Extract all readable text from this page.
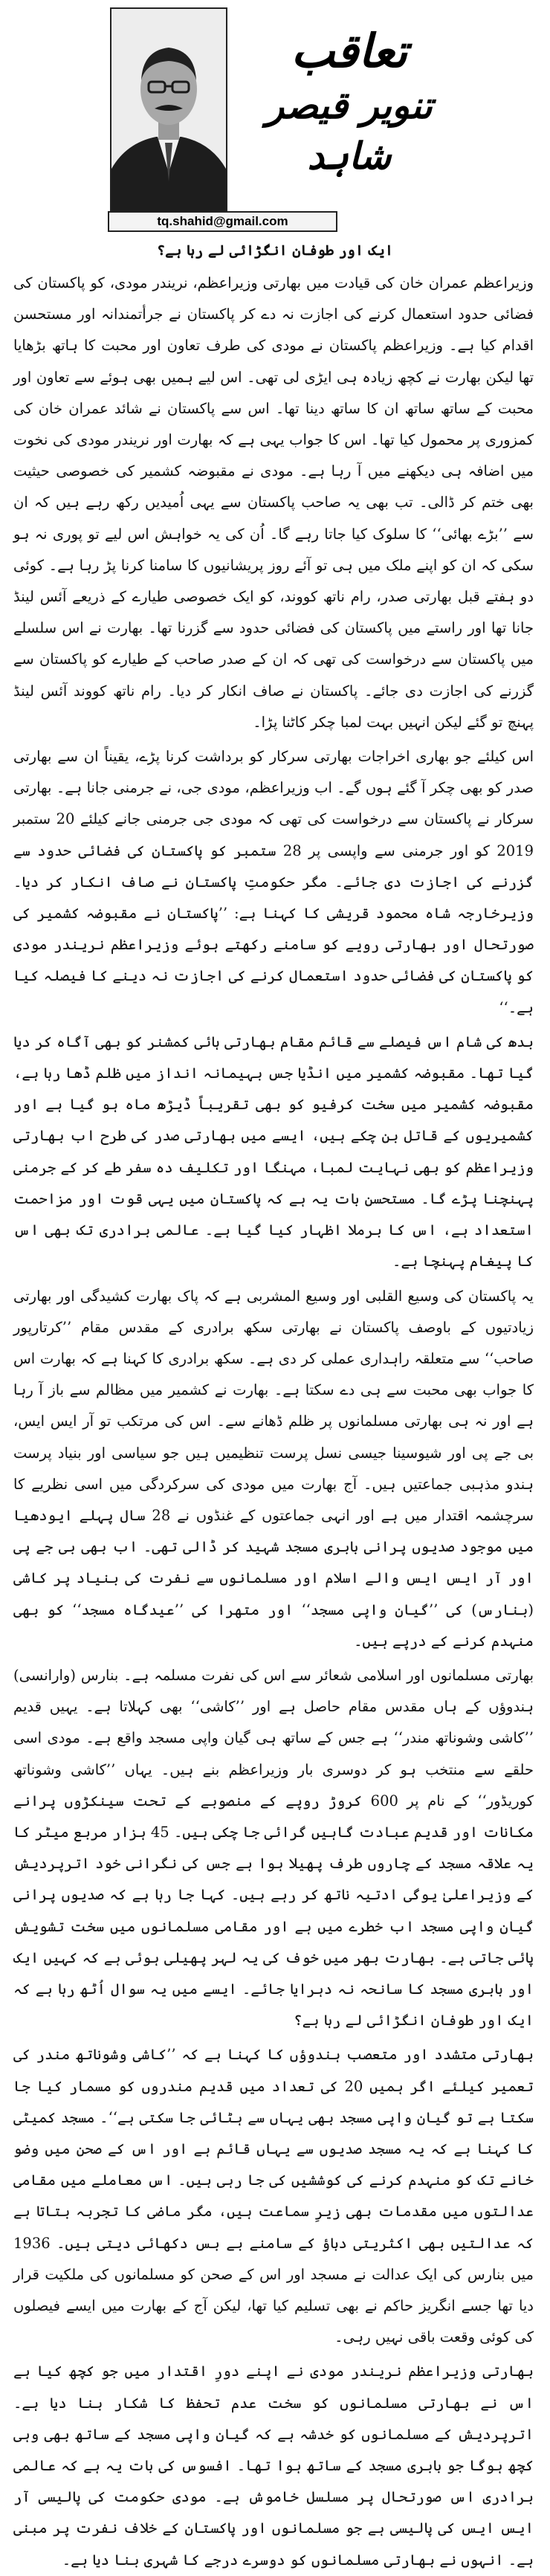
تعاقب
تنویر قیصر شاہد
tq.shahid@gmail.com
ایک اور طوفان انگڑائی لے رہا ہے؟

وزیراعظم عمران خان کی قیادت میں بھارتی وزیراعظم، نریندر مودی، کو پاکستان کی فضائی حدود استعمال کرنے کی اجازت نہ دے کر پاکستان نے جرأتمندانہ اور مستحسن اقدام کیا ہے۔ وزیراعظم پاکستان نے مودی کی طرف تعاون اور محبت کا ہاتھ بڑھایا تھا لیکن بھارت نے کچھ زیادہ ہی ایڑی لی تھی۔ اس لیے ہمیں بھی ہوئے سے تعاون اور محبت کے ساتھ ساتھ ان کا ساتھ دینا تھا۔ اس سے پاکستان نے شائد عمران خان کی کمزوری پر محمول کیا تھا۔ اس کا جواب یہی ہے کہ بھارت اور نریندر مودی کی نخوت میں اضافہ ہی دیکھنے میں آ رہا ہے۔ مودی نے مقبوضہ کشمیر کی خصوصی حیثیت بھی ختم کر ڈالی۔ تب بھی یہ صاحب پاکستان سے یہی اُمیدیں رکھ رہے ہیں کہ ان سے ’’بڑے بھائی‘‘ کا سلوک کیا جاتا رہے گا۔ اُن کی یہ خواہش اس لیے تو پوری نہ ہو سکی کہ ان کو اپنے ملک میں ہی تو آئے روز پریشانیوں کا سامنا کرنا پڑ رہا ہے۔ کوئی دو ہفتے قبل بھارتی صدر، رام ناتھ کووند، کو ایک خصوصی طیارے کے ذریعے آئس لینڈ جانا تھا اور راستے میں پاکستان کی فضائی حدود سے گزرنا تھا۔ بھارت نے اس سلسلے میں پاکستان سے درخواست کی تھی کہ ان کے صدر صاحب کے طیارے کو پاکستان سے گزرنے کی اجازت دی جائے۔ پاکستان نے صاف انکار کر دیا۔ رام ناتھ کووند آئس لینڈ پہنچ تو گئے لیکن انہیں بہت لمبا چکر کاٹنا پڑا۔

اس کیلئے جو بھاری اخراجات بھارتی سرکار کو برداشت کرنا پڑے، یقیناً ان سے بھارتی صدر کو بھی چکر آ گئے ہوں گے۔ اب وزیراعظم، مودی جی، نے جرمنی جانا ہے۔ بھارتی سرکار نے پاکستان سے درخواست کی تھی کہ مودی جی جرمنی جانے کیلئے 20 ستمبر 2019 کو اور جرمنی سے واپسی پر 28 ستمبر کو پاکستان کی فضائی حدود سے گزرنے کی اجازت دی جائے۔ مگر حکومتِ پاکستان نے صاف انکار کر دیا۔ وزیرخارجہ شاہ محمود قریشی کا کہنا ہے: ’’پاکستان نے مقبوضہ کشمیر کی صورتحال اور بھارتی رویے کو سامنے رکھتے ہوئے وزیراعظم نریندر مودی کو پاکستان کی فضائی حدود استعمال کرنے کی اجازت نہ دینے کا فیصلہ کیا ہے۔‘‘

بدھ کی شام اس فیصلے سے قائم مقام بھارتی ہائی کمشنر کو بھی آگاہ کر دیا گیا تھا۔ مقبوضہ کشمیر میں انڈیا جس بہیمانہ انداز میں ظلم ڈھا رہا ہے، مقبوضہ کشمیر میں سخت کرفیو کو بھی تقریباً ڈیڑھ ماہ ہو گیا ہے اور کشمیریوں کے قاتل بن چکے ہیں، ایسے میں بھارتی صدر کی طرح اب بھارتی وزیراعظم کو بھی نہایت لمبا، مہنگا اور تکلیف دہ سفر طے کر کے جرمنی پہنچنا پڑے گا۔ مستحسن بات یہ ہے کہ پاکستان میں یہی قوت اور مزاحمت استعداد ہے، اس کا برملا اظہار کیا گیا ہے۔ عالمی برادری تک بھی اس کا پیغام پہنچا ہے۔

یہ پاکستان کی وسیع القلبی اور وسیع المشربی ہے کہ پاک بھارت کشیدگی اور بھارتی زیادتیوں کے باوصف پاکستان نے بھارتی سکھ برادری کے مقدس مقام ’’کرتارپور صاحب‘‘ سے متعلقہ راہداری عملی کر دی ہے۔ سکھ برادری کا کہنا ہے کہ بھارت اس کا جواب بھی محبت سے ہی دے سکتا ہے۔ بھارت نے کشمیر میں مظالم سے باز آ رہا ہے اور نہ ہی بھارتی مسلمانوں پر ظلم ڈھانے سے۔ اس کی مرتکب تو آر ایس ایس، بی جے پی اور شیوسینا جیسی نسل پرست تنظیمیں ہیں جو سیاسی اور بنیاد پرست ہندو مذہبی جماعتیں ہیں۔ آج بھارت میں مودی کی سرکردگی میں اسی نظریے کا سرچشمہ اقتدار میں ہے اور انہی جماعتوں کے غنڈوں نے 28 سال پہلے ایودھیا میں موجود صدیوں پرانی بابری مسجد شہید کر ڈالی تھی۔ اب بھی بی جے پی اور آر ایس ایس والے اسلام اور مسلمانوں سے نفرت کی بنیاد پر کاشی (بنارس) کی ’’گیان واپی مسجد‘‘ اور متھرا کی ’’عیدگاہ مسجد‘‘ کو بھی منہدم کرنے کے درپے ہیں۔

بھارتی مسلمانوں اور اسلامی شعائر سے اس کی نفرت مسلمہ ہے۔ بنارس (وارانسی) ہندوؤں کے ہاں مقدس مقام حاصل ہے اور ’’کاشی‘‘ بھی کہلاتا ہے۔ یہیں قدیم ’’کاشی وشوناتھ مندر‘‘ ہے جس کے ساتھ ہی گیان واپی مسجد واقع ہے۔ مودی اسی حلقے سے منتخب ہو کر دوسری بار وزیراعظم بنے ہیں۔ یہاں ’’کاشی وشوناتھ کوریڈور‘‘ کے نام پر 600 کروڑ روپے کے منصوبے کے تحت سینکڑوں پرانے مکانات اور قدیم عبادت گاہیں گرائی جا چکی ہیں۔ 45 ہزار مربع میٹر کا یہ علاقہ مسجد کے چاروں طرف پھیلا ہوا ہے جس کی نگرانی خود اترپردیش کے وزیراعلیٰ یوگی ادتیہ ناتھ کر رہے ہیں۔ کہا جا رہا ہے کہ صدیوں پرانی گیان واپی مسجد اب خطرے میں ہے اور مقامی مسلمانوں میں سخت تشویش پائی جاتی ہے۔ بھارت بھر میں خوف کی یہ لہر پھیلی ہوئی ہے کہ کہیں ایک اور بابری مسجد کا سانحہ نہ دہرایا جائے۔ ایسے میں یہ سوال اُٹھ رہا ہے کہ ایک اور طوفان انگڑائی لے رہا ہے؟

بھارتی متشدد اور متعصب ہندوؤں کا کہنا ہے کہ ’’کاشی وشوناتھ مندر کی تعمیر کیلئے اگر ہمیں 20 کی تعداد میں قدیم مندروں کو مسمار کیا جا سکتا ہے تو گیان واپی مسجد بھی یہاں سے ہٹائی جا سکتی ہے‘‘۔ مسجد کمیٹی کا کہنا ہے کہ یہ مسجد صدیوں سے یہاں قائم ہے اور اس کے صحن میں وضو خانے تک کو منہدم کرنے کی کوششیں کی جا رہی ہیں۔ اس معاملے میں مقامی عدالتوں میں مقدمات بھی زیرِ سماعت ہیں، مگر ماضی کا تجربہ بتاتا ہے کہ عدالتیں بھی اکثریتی دباؤ کے سامنے بے بس دکھائی دیتی ہیں۔ 1936 میں بنارس کی ایک عدالت نے مسجد اور اس کے صحن کو مسلمانوں کی ملکیت قرار دیا تھا جسے انگریز حاکم نے بھی تسلیم کیا تھا، لیکن آج کے بھارت میں ایسے فیصلوں کی کوئی وقعت باقی نہیں رہی۔

بھارتی وزیراعظم نریندر مودی نے اپنے دورِ اقتدار میں جو کچھ کیا ہے اس نے بھارتی مسلمانوں کو سخت عدم تحفظ کا شکار بنا دیا ہے۔ اترپردیش کے مسلمانوں کو خدشہ ہے کہ گیان واپی مسجد کے ساتھ بھی وہی کچھ ہوگا جو بابری مسجد کے ساتھ ہوا تھا۔ افسوس کی بات یہ ہے کہ عالمی برادری اس صورتحال پر مسلسل خاموش ہے۔ مودی حکومت کی پالیسی آر ایس ایس کی پالیسی ہے جو مسلمانوں اور پاکستان کے خلاف نفرت پر مبنی ہے۔ انہوں نے بھارتی مسلمانوں کو دوسرے درجے کا شہری بنا دیا ہے۔
